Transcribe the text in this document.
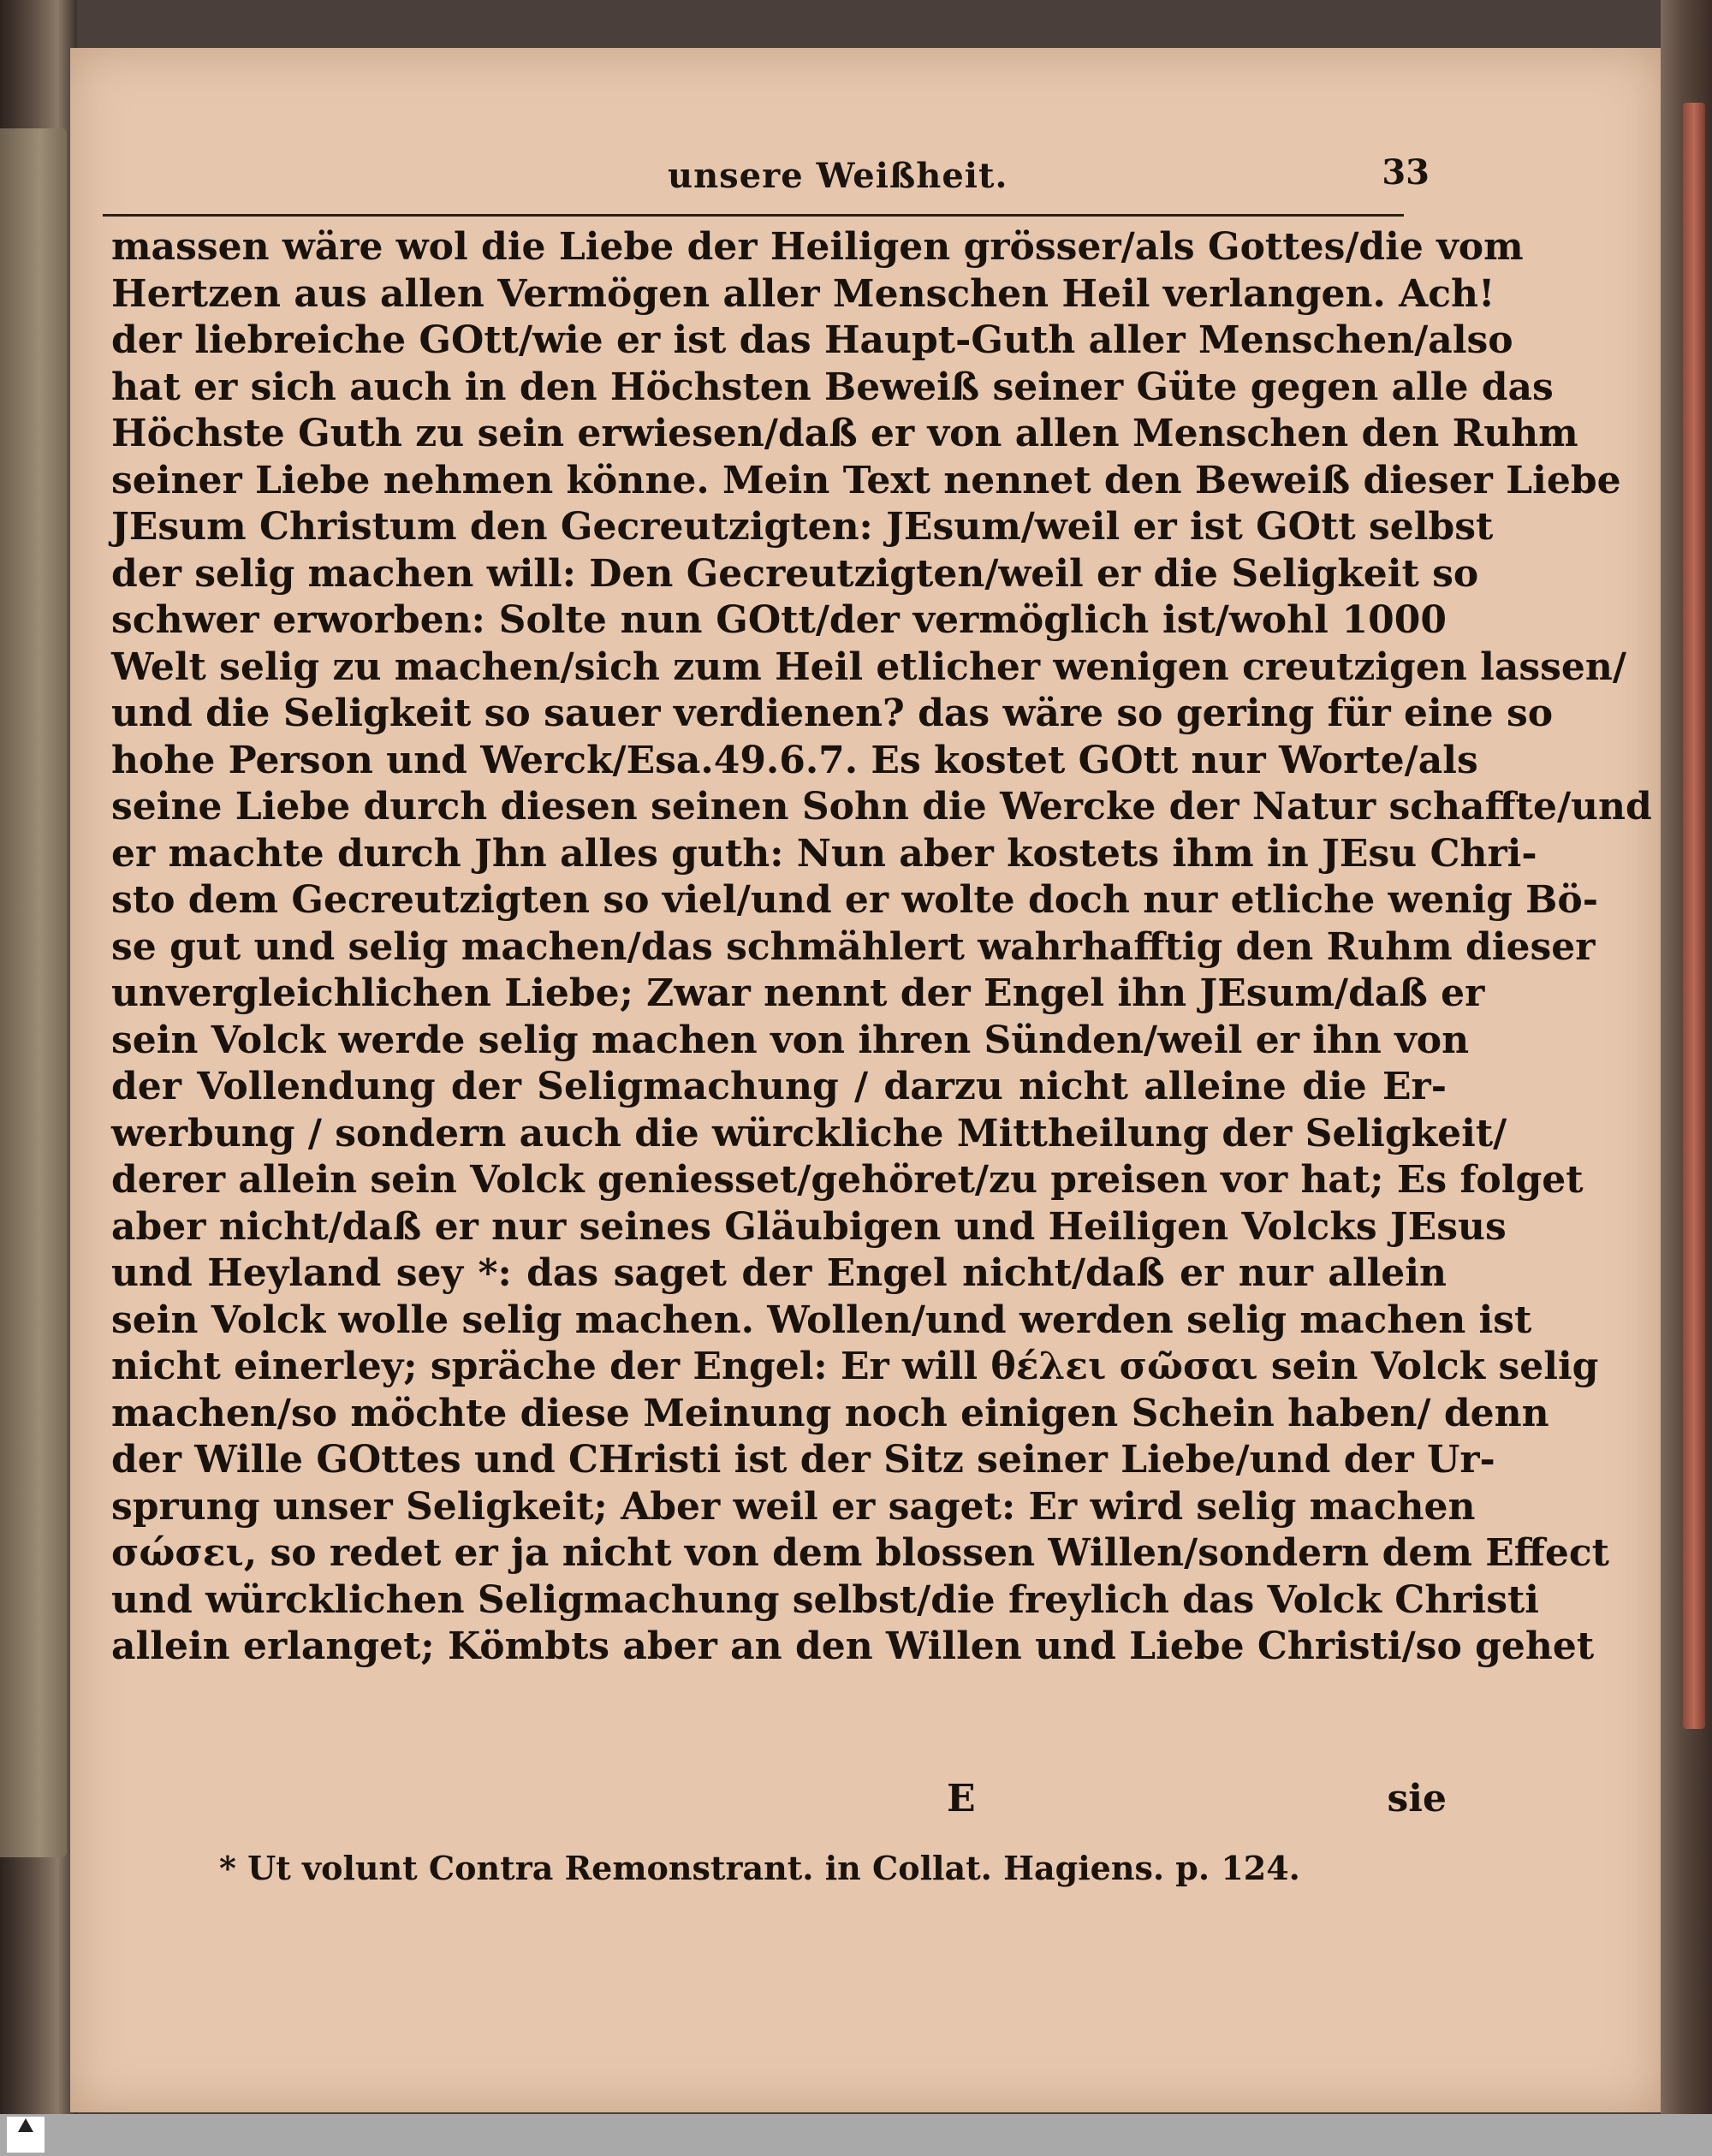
unsere Weißheit.	33
massen wäre wol die Liebe der Heiligen grösser/als Gottes/die vom
Hertzen aus allen Vermögen aller Menschen Heil verlangen. Ach!
der liebreiche GOtt/wie er ist das Haupt-Guth aller Menschen/also
hat er sich auch in den Höchsten Beweiß seiner Güte gegen alle das
Höchste Guth zu sein erwiesen/daß er von allen Menschen den Ruhm
seiner Liebe nehmen könne. Mein Text nennet den Beweiß dieser Liebe
JEsum Christum den Gecreutzigten: JEsum/weil er ist GOtt selbst
der selig machen will: Den Gecreutzigten/weil er die Seligkeit so
schwer erworben: Solte nun GOtt/der vermöglich ist/wohl 1000
Welt selig zu machen/sich zum Heil etlicher wenigen creutzigen lassen/
und die Seligkeit so sauer verdienen? das wäre so gering für eine so
hohe Person und Werck/Esa.49.6.7. Es kostet GOtt nur Worte/als
seine Liebe durch diesen seinen Sohn die Wercke der Natur schaffte/und
er machte durch Jhn alles guth: Nun aber kostets ihm in JEsu Chri-
sto dem Gecreutzigten so viel/und er wolte doch nur etliche wenig Bö-
se gut und selig machen/das schmählert wahrhafftig den Ruhm dieser
unvergleichlichen Liebe; Zwar nennt der Engel ihn JEsum/daß er
sein Volck werde selig machen von ihren Sünden/weil er ihn von
der Vollendung der Seligmachung / darzu nicht alleine die Er-
werbung / sondern auch die würckliche Mittheilung der Seligkeit/
derer allein sein Volck geniesset/gehöret/zu preisen vor hat; Es folget
aber nicht/daß er nur seines Gläubigen und Heiligen Volcks JEsus
und Heyland sey *: das saget der Engel nicht/daß er nur allein
sein Volck wolle selig machen. Wollen/und werden selig machen ist
nicht einerley; spräche der Engel: Er will θέλει σῶσαι sein Volck selig
machen/so möchte diese Meinung noch einigen Schein haben/ denn
der Wille GOttes und CHristi ist der Sitz seiner Liebe/und der Ur-
sprung unser Seligkeit; Aber weil er saget: Er wird selig machen
σώσει, so redet er ja nicht von dem blossen Willen/sondern dem Effect
und würcklichen Seligmachung selbst/die freylich das Volck Christi
allein erlanget; Kömbts aber an den Willen und Liebe Christi/so gehet
E	sie
* Ut volunt Contra Remonstrant. in Collat. Hagiens. p. 124.
